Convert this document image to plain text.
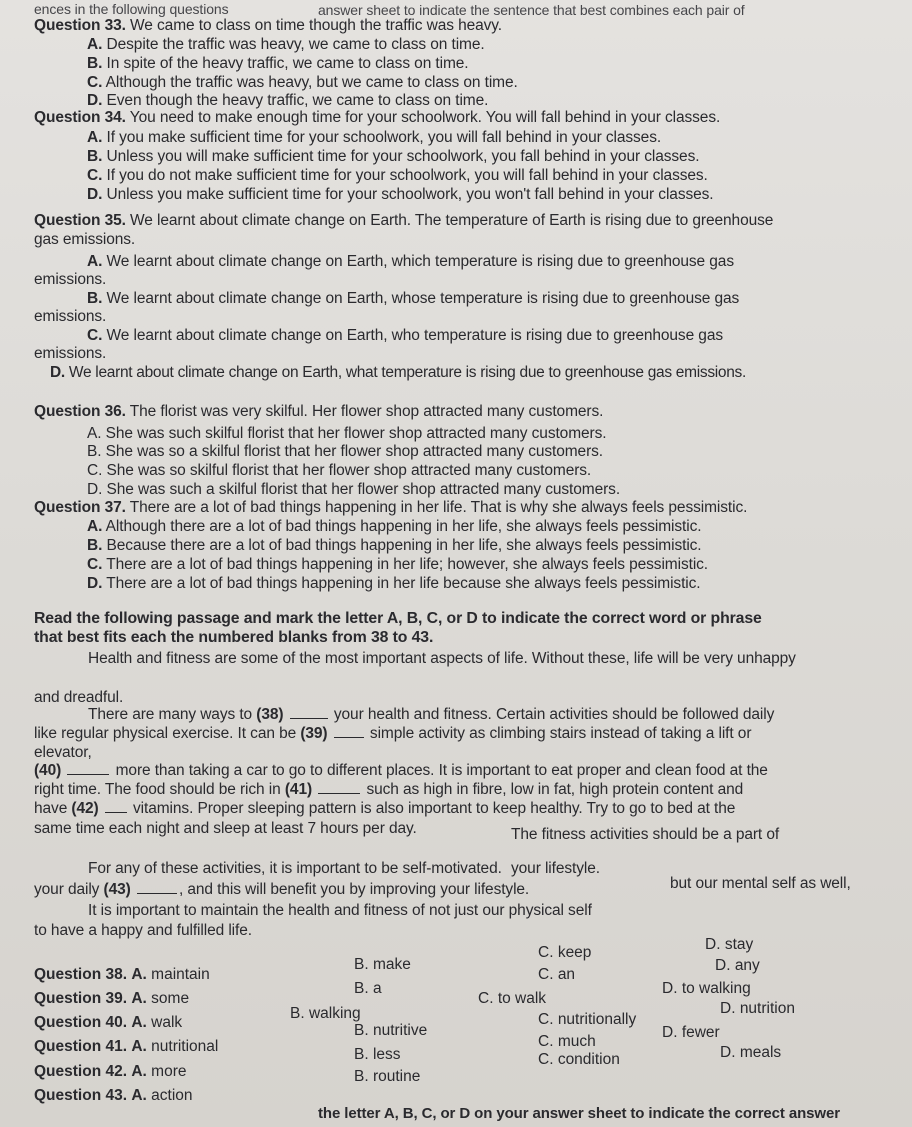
ences in the following questions	answer sheet to indicate the sentence that best combines each pair of
Question 33. We came to class on time though the traffic was heavy.
A. Despite the traffic was heavy, we came to class on time.
B. In spite of the heavy traffic, we came to class on time.
C. Although the traffic was heavy, but we came to class on time.
D. Even though the heavy traffic, we came to class on time.
Question 34. You need to make enough time for your schoolwork. You will fall behind in your classes.
A. If you make sufficient time for your schoolwork, you will fall behind in your classes.
B. Unless you will make sufficient time for your schoolwork, you fall behind in your classes.
C. If you do not make sufficient time for your schoolwork, you will fall behind in your classes.
D. Unless you make sufficient time for your schoolwork, you won't fall behind in your classes.
Question 35. We learnt about climate change on Earth. The temperature of Earth is rising due to greenhouse
gas emissions.
A. We learnt about climate change on Earth, which temperature is rising due to greenhouse gas
emissions.
B. We learnt about climate change on Earth, whose temperature is rising due to greenhouse gas
emissions.
C. We learnt about climate change on Earth, who temperature is rising due to greenhouse gas
emissions.
D. We learnt about climate change on Earth, what temperature is rising due to greenhouse gas emissions.
Question 36. The florist was very skilful. Her flower shop attracted many customers.
A. She was such skilful florist that her flower shop attracted many customers.
B. She was so a skilful florist that her flower shop attracted many customers.
C. She was so skilful florist that her flower shop attracted many customers.
D. She was such a skilful florist that her flower shop attracted many customers.
Question 37. There are a lot of bad things happening in her life. That is why she always feels pessimistic.
A. Although there are a lot of bad things happening in her life, she always feels pessimistic.
B. Because there are a lot of bad things happening in her life, she always feels pessimistic.
C. There are a lot of bad things happening in her life; however, she always feels pessimistic.
D. There are a lot of bad things happening in her life because she always feels pessimistic.
Read the following passage and mark the letter A, B, C, or D to indicate the correct word or phrase
that best fits each the numbered blanks from 38 to 43.
Health and fitness are some of the most important aspects of life. Without these, life will be very unhappy
and dreadful.
There are many ways to (38)	your health and fitness. Certain activities should be followed daily
like regular physical exercise. It can be (39)  simple activity as climbing stairs instead of taking a lift or
elevator,
(40)	more than taking a car to go to different places. It is important to eat proper and clean food at the
right time. The food should be rich in (41)	such as high in fibre, low in fat, high protein content and
have (42)  vitamins. Proper sleeping pattern is also important to keep healthy. Try to go to bed at the
same time each night and sleep at least 7 hours per day.	The fitness activities should be a part of
For any of these activities, it is important to be self-motivated. your lifestyle.
your daily (43)	, and this will benefit you by improving your lifestyle.	but our mental self as well,
It is important to maintain the health and fitness of not just our physical self
to have a happy and fulfilled life.
Question 38. A. maintain
B. make
C. keep	D. stay
Question 39. A. some
B. a
C. an
D. any
Question 40. A. walk
B. walking
C. to walk
D. to walking
Question 41. A. nutritional
B. nutritive
C. nutritionally
D. nutrition
Question 42. A. more
B. less
C. much
D. fewer
Question 43. A. action
B. routine
C. condition	D. meals
the letter A, B, C, or D on your answer sheet to indicate the correct answer
